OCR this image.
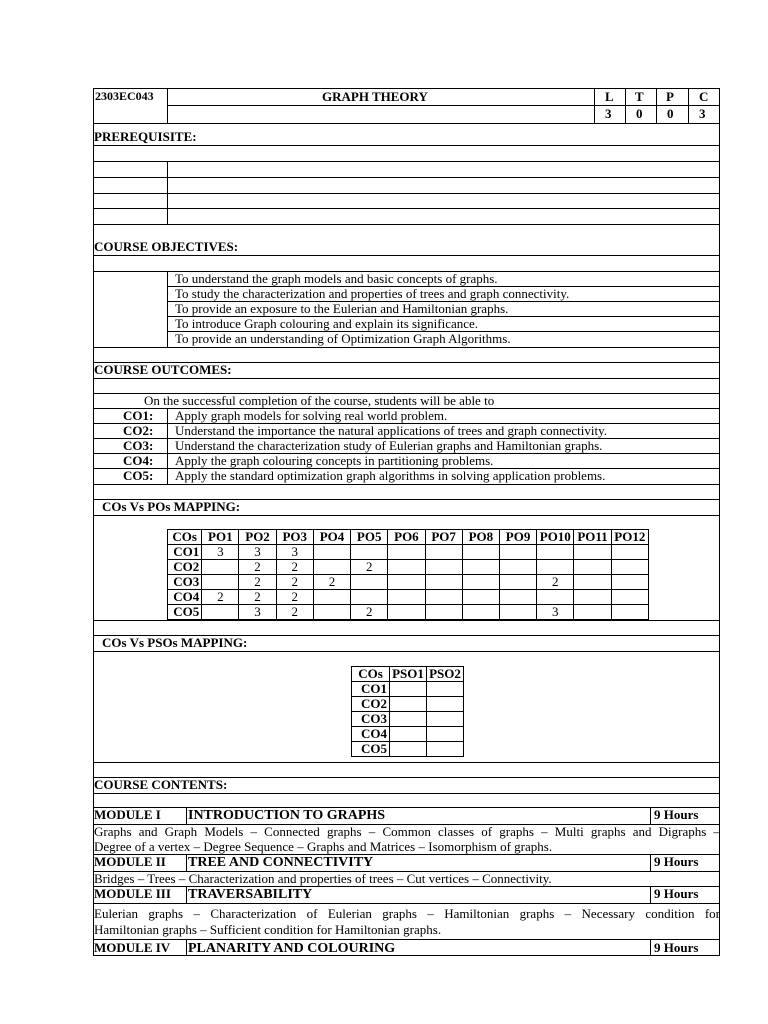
2303EC043	GRAPH THEORY	L T P C
3 0 0 3
PREREQUISITE:
COURSE OBJECTIVES:
To understand the graph models and basic concepts of graphs.
To study the characterization and properties of trees and graph connectivity.
To provide an exposure to the Eulerian and Hamiltonian graphs.
To introduce Graph colouring and explain its significance.
To provide an understanding of Optimization Graph Algorithms.
COURSE OUTCOMES:
On the successful completion of the course, students will be able to
CO1: Apply graph models for solving real world problem.
CO2: Understand the importance the natural applications of trees and graph connectivity.
CO3: Understand the characterization study of Eulerian graphs and Hamiltonian graphs.
CO4: Apply the graph colouring concepts in partitioning problems.
CO5: Apply the standard optimization graph algorithms in solving application problems.
COs Vs POs MAPPING:
COs	PO1	PO2	PO3	PO4	PO5	PO6	PO7	PO8	PO9	PO10	PO11	PO12
CO1	3	3	3									
CO2		2	2		2							
CO3		2	2	2						2		
CO4	2	2	2									
CO5		3	2		2					3		
COs Vs PSOs MAPPING:
COs	PSO1	PSO2
CO1		
CO2		
CO3		
CO4		
CO5		
COURSE CONTENTS:
MODULE I INTRODUCTION TO GRAPHS	9 Hours
Graphs and Graph Models – Connected graphs – Common classes of graphs – Multi graphs and Digraphs –
Degree of a vertex – Degree Sequence – Graphs and Matrices – Isomorphism of graphs.
MODULE II TREE AND CONNECTIVITY	9 Hours
Bridges – Trees – Characterization and properties of trees – Cut vertices – Connectivity.
MODULE III TRAVERSABILITY	9 Hours
Eulerian graphs – Characterization of Eulerian graphs – Hamiltonian graphs – Necessary condition for
Hamiltonian graphs – Sufficient condition for Hamiltonian graphs.
MODULE IV PLANARITY AND COLOURING	9 Hours
